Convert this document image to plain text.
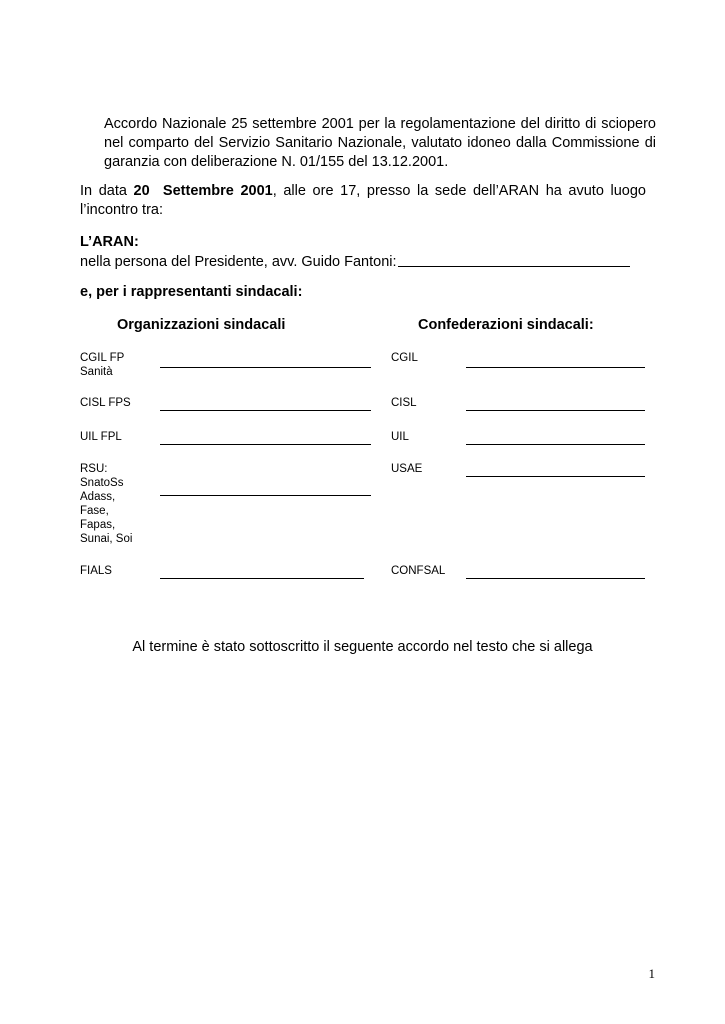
Accordo Nazionale 25 settembre 2001 per la regolamentazione del diritto di sciopero nel comparto del Servizio Sanitario Nazionale, valutato idoneo dalla Commissione di garanzia con deliberazione N. 01/155 del 13.12.2001.
In data 20 Settembre 2001, alle ore 17, presso la sede dell’ARAN ha avuto luogo l’incontro tra:
L’ARAN:
nella persona del Presidente, avv. Guido Fantoni:
e, per i rappresentanti sindacali:
Organizzazioni sindacali	Confederazioni sindacali:
CGIL FP
Sanità
CISL FPS
UIL FPL
RSU:
SnatoSs
Adass,
Fase,
Fapas,
Sunai, Soi
FIALS
CGIL
CISL
UIL
USAE
CONFSAL
Al termine è stato sottoscritto il seguente accordo nel testo che si allega
1
